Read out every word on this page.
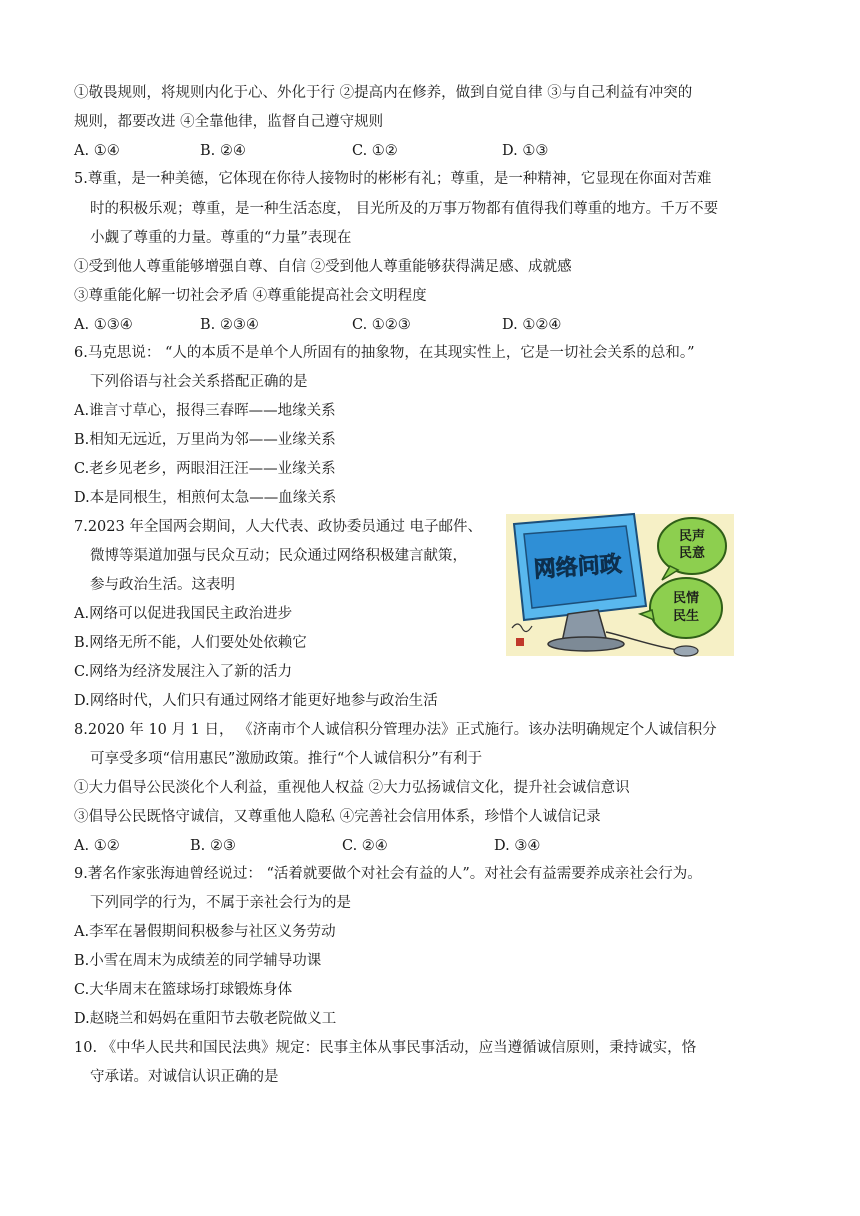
①敬畏规则，将规则内化于心、外化于行 ②提高内在修养，做到自觉自律 ③与自己利益有冲突的
规则，都要改进 ④全靠他律，监督自己遵守规则
A. ①④	B. ②④	C. ①②	D. ①③
5.尊重，是一种美德，它体现在你待人接物时的彬彬有礼；尊重，是一种精神，它显现在你面对苦难
时的积极乐观；尊重，是一种生活态度， 目光所及的万事万物都有值得我们尊重的地方。千万不要
小觑了尊重的力量。尊重的“力量”表现在
①受到他人尊重能够增强自尊、自信 ②受到他人尊重能够获得满足感、成就感
③尊重能化解一切社会矛盾 ④尊重能提高社会文明程度
A. ①③④	B. ②③④	C. ①②③	D. ①②④
6.马克思说： “人的本质不是单个人所固有的抽象物，在其现实性上，它是一切社会关系的总和。”
下列俗语与社会关系搭配正确的是
A.谁言寸草心，报得三春晖——地缘关系
B.相知无远近，万里尚为邻——业缘关系
C.老乡见老乡，两眼泪汪汪——业缘关系
D.本是同根生，相煎何太急——血缘关系
7.2023 年全国两会期间，人大代表、政协委员通过 电子邮件、
微博等渠道加强与民众互动；民众通过网络积极建言献策，
参与政治生活。这表明
A.网络可以促进我国民主政治进步
B.网络无所不能，人们要处处依赖它
C.网络为经济发展注入了新的活力
D.网络时代，人们只有通过网络才能更好地参与政治生活
网络问政
民声
民意
民情
民生
8.2020 年 10 月 1 日， 《济南市个人诚信积分管理办法》正式施行。该办法明确规定个人诚信积分
可享受多项“信用惠民”激励政策。推行“个人诚信积分”有利于
①大力倡导公民淡化个人利益，重视他人权益 ②大力弘扬诚信文化，提升社会诚信意识
③倡导公民既恪守诚信，又尊重他人隐私 ④完善社会信用体系，珍惜个人诚信记录
A. ①②	B. ②③	C. ②④	D. ③④
9.著名作家张海迪曾经说过： “活着就要做个对社会有益的人”。对社会有益需要养成亲社会行为。
下列同学的行为，不属于亲社会行为的是
A.李军在暑假期间积极参与社区义务劳动
B.小雪在周末为成绩差的同学辅导功课
C.大华周末在篮球场打球锻炼身体
D.赵晓兰和妈妈在重阳节去敬老院做义工
10. 《中华人民共和国民法典》规定：民事主体从事民事活动，应当遵循诚信原则，秉持诚实，恪
守承诺。对诚信认识正确的是
